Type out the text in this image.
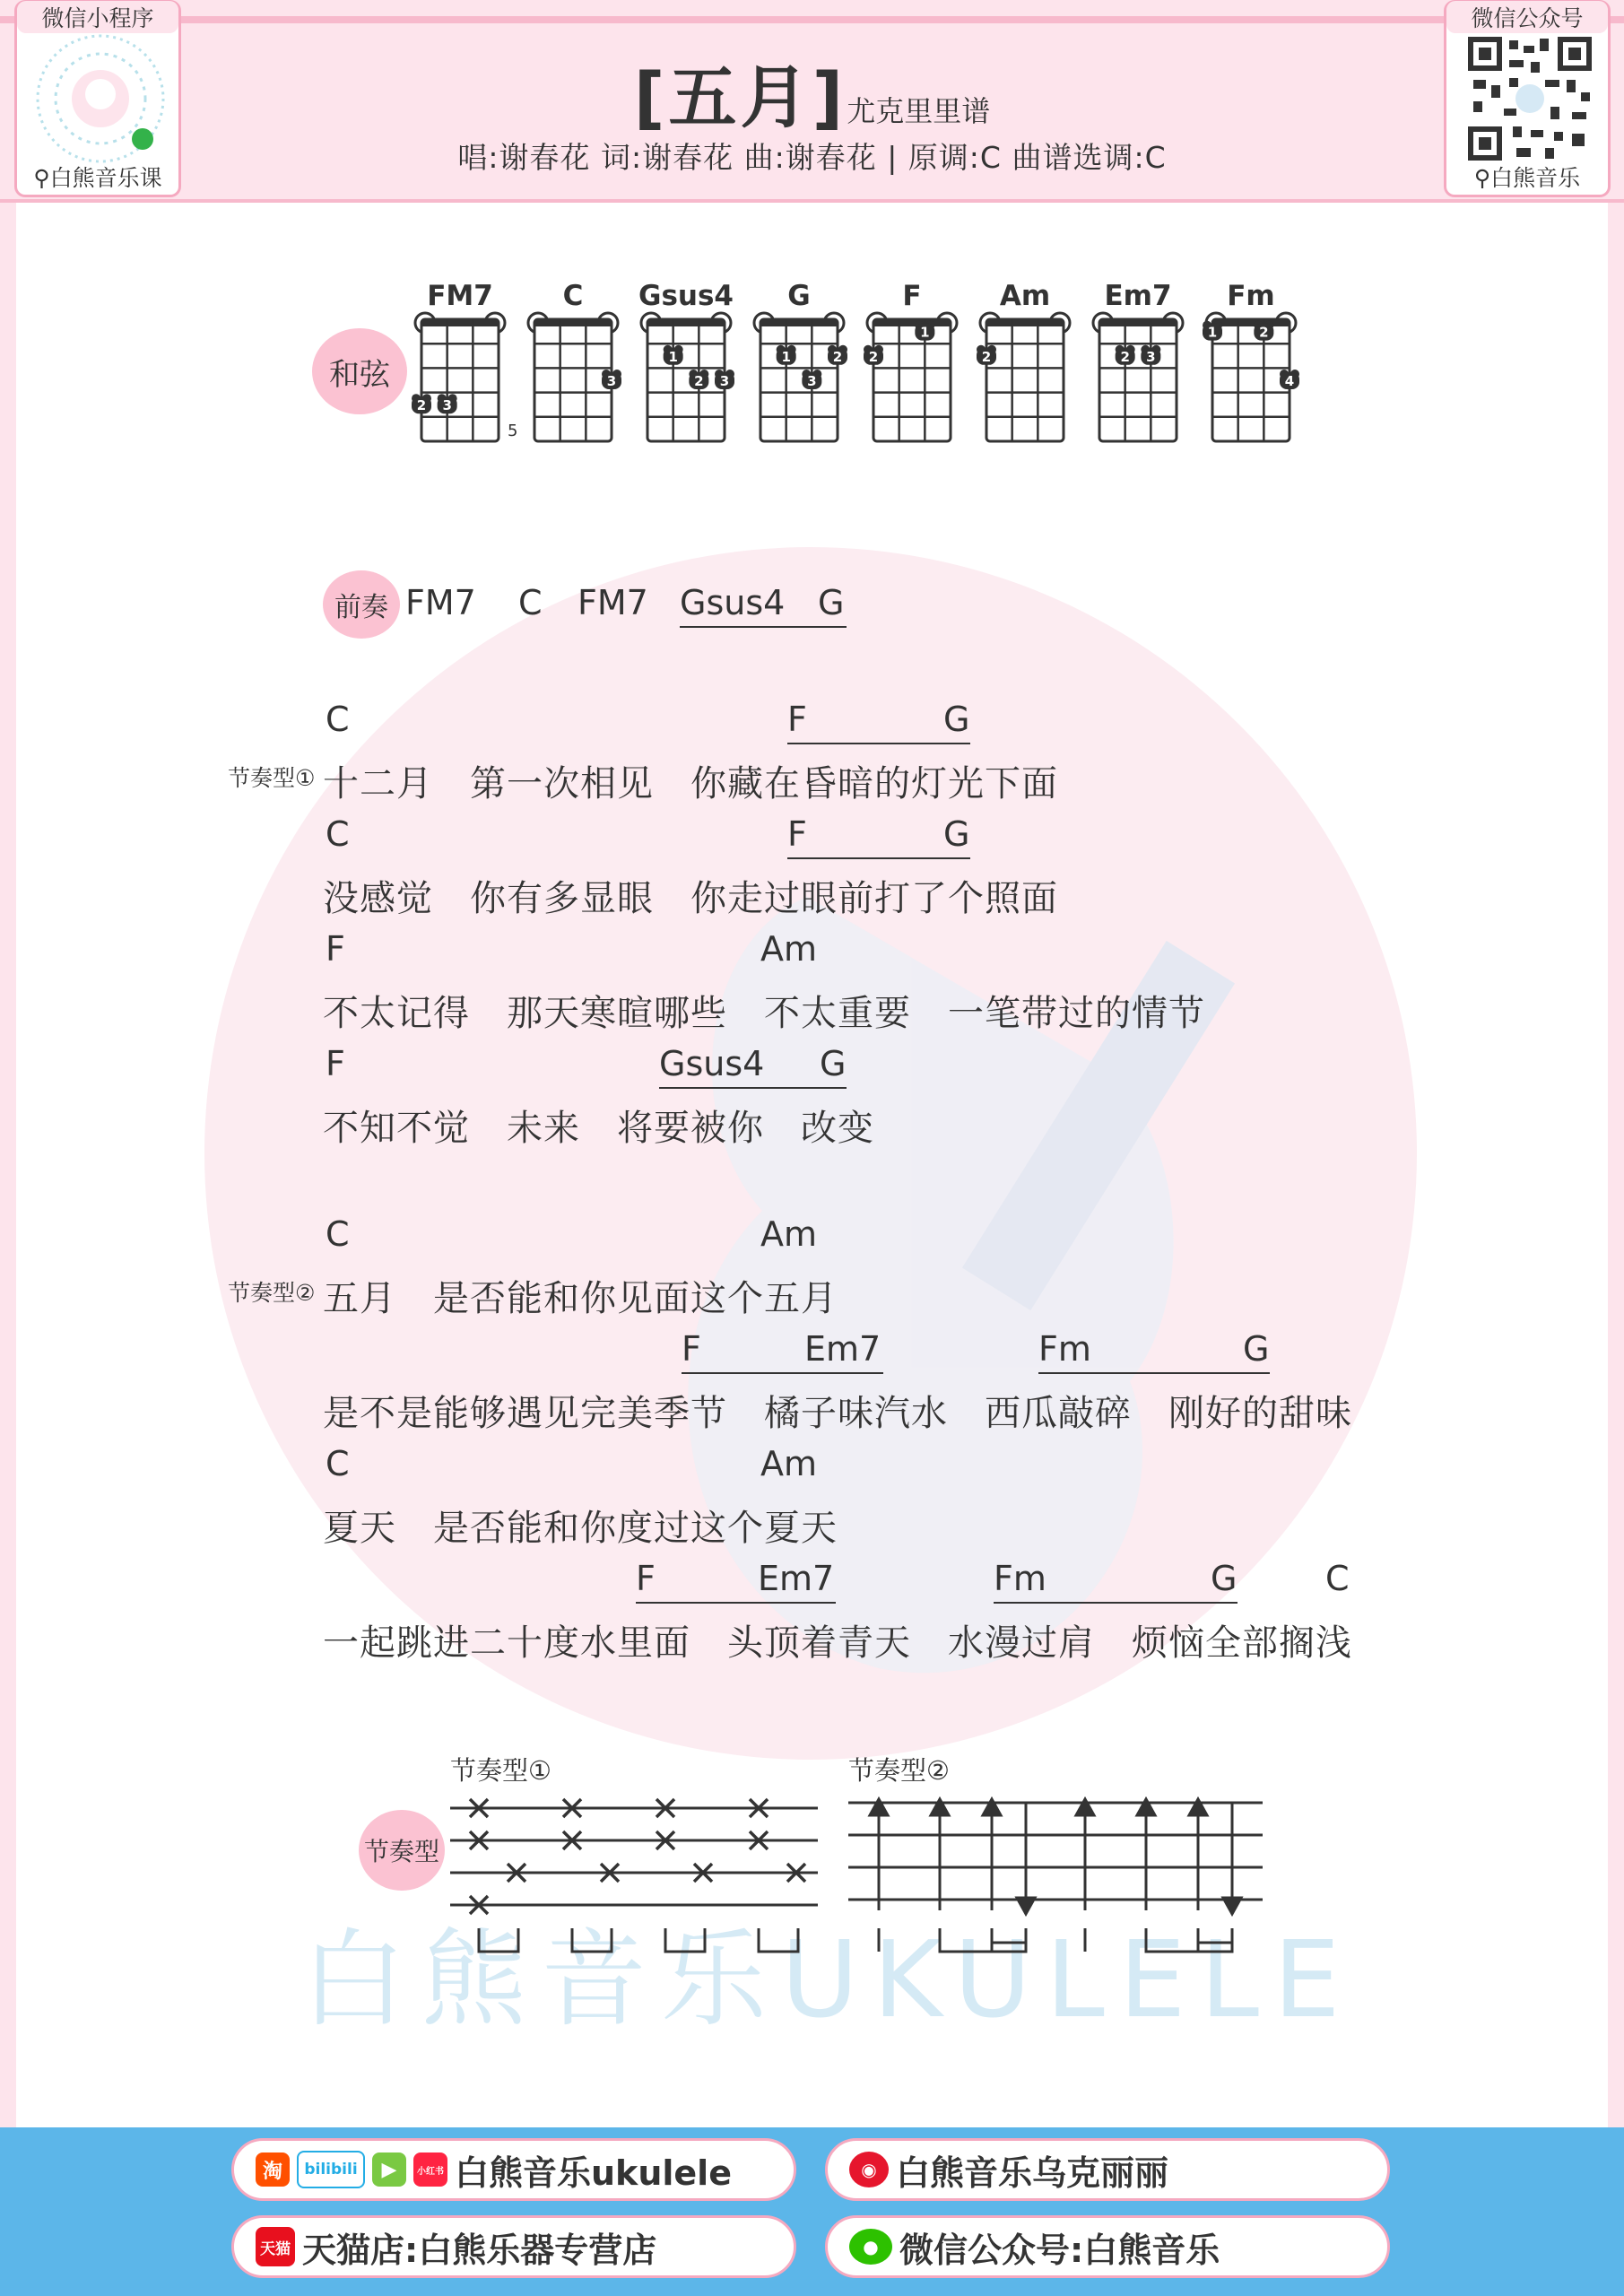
白熊音乐UKULELE
微信小程序
⚲白熊音乐课
微信公众号
⚲白熊音乐
[五月]尤克里里谱
唱:谢春花 词:谢春花 曲:谢春花 | 原调:C 曲谱选调:C
和弦
FM7
2 3
5
C
3
Gsus4
1
2 3
G
1	2
3
F
1
2
Am
2
Em7
2 3
Fm
1	2
4
前奏 FM7 C FM7 Gsus4 G
节奏型①
C	F	G
十二月　第一次相见　你藏在昏暗的灯光下面
C	F	G
没感觉　你有多显眼　你走过眼前打了个照面
F	Am
不太记得　那天寒暄哪些　不太重要　一笔带过的情节
F	Gsus4 G
不知不觉　未来　将要被你　改变
节奏型②
C	Am
五月　是否能和你见面这个五月
F	Em7	Fm	G
是不是能够遇见完美季节　橘子味汽水　西瓜敲碎　刚好的甜味
C	Am
夏天　是否能和你度过这个夏天
F	Em7	Fm	G	C
一起跳进二十度水里面　头顶着青天　水漫过肩　烦恼全部搁浅
节奏型
节奏型①	节奏型②
淘	bilibili	▶	小红书 白熊音乐ukulele	◉ 白熊音乐乌克丽丽
天猫 天猫店:白熊乐器专营店	● 微信公众号:白熊音乐
